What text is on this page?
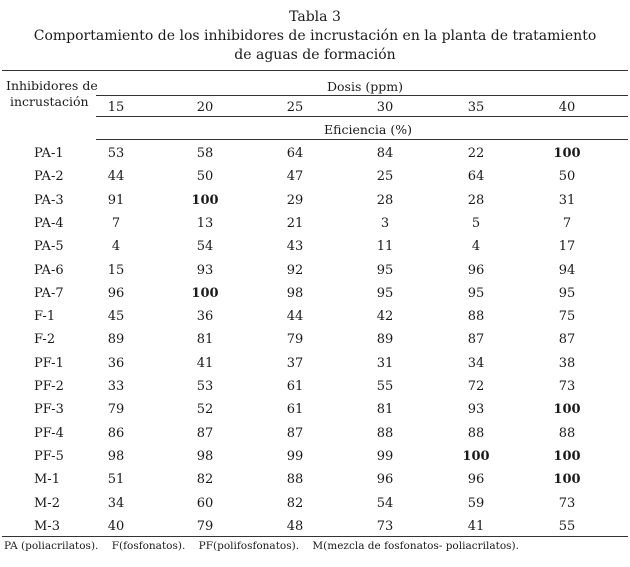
Tabla 3
Comportamiento de los inhibidores de incrustación en la planta de tratamiento
de aguas de formación
Inhibidores de
incrustación
Dosis (ppm)
15	20	25	30	35	40
Eficiencia (%)
PA-1	53	58	64	84	22	100
PA-2	44	50	47	25	64	50
PA-3	91	100	29	28	28	31
PA-4	7	13	21	3	5	7
PA-5	4	54	43	11	4	17
PA-6	15	93	92	95	96	94
PA-7	96	100	98	95	95	95
F-1	45	36	44	42	88	75
F-2	89	81	79	89	87	87
PF-1	36	41	37	31	34	38
PF-2	33	53	61	55	72	73
PF-3	79	52	61	81	93	100
PF-4	86	87	87	88	88	88
PF-5	98	98	99	99	100	100
M-1	51	82	88	96	96	100
M-2	34	60	82	54	59	73
M-3	40	79	48	73	41	55
PA (poliacrilatos). F(fosfonatos). PF(polifosfonatos). M(mezcla de fosfonatos- poliacrilatos).
